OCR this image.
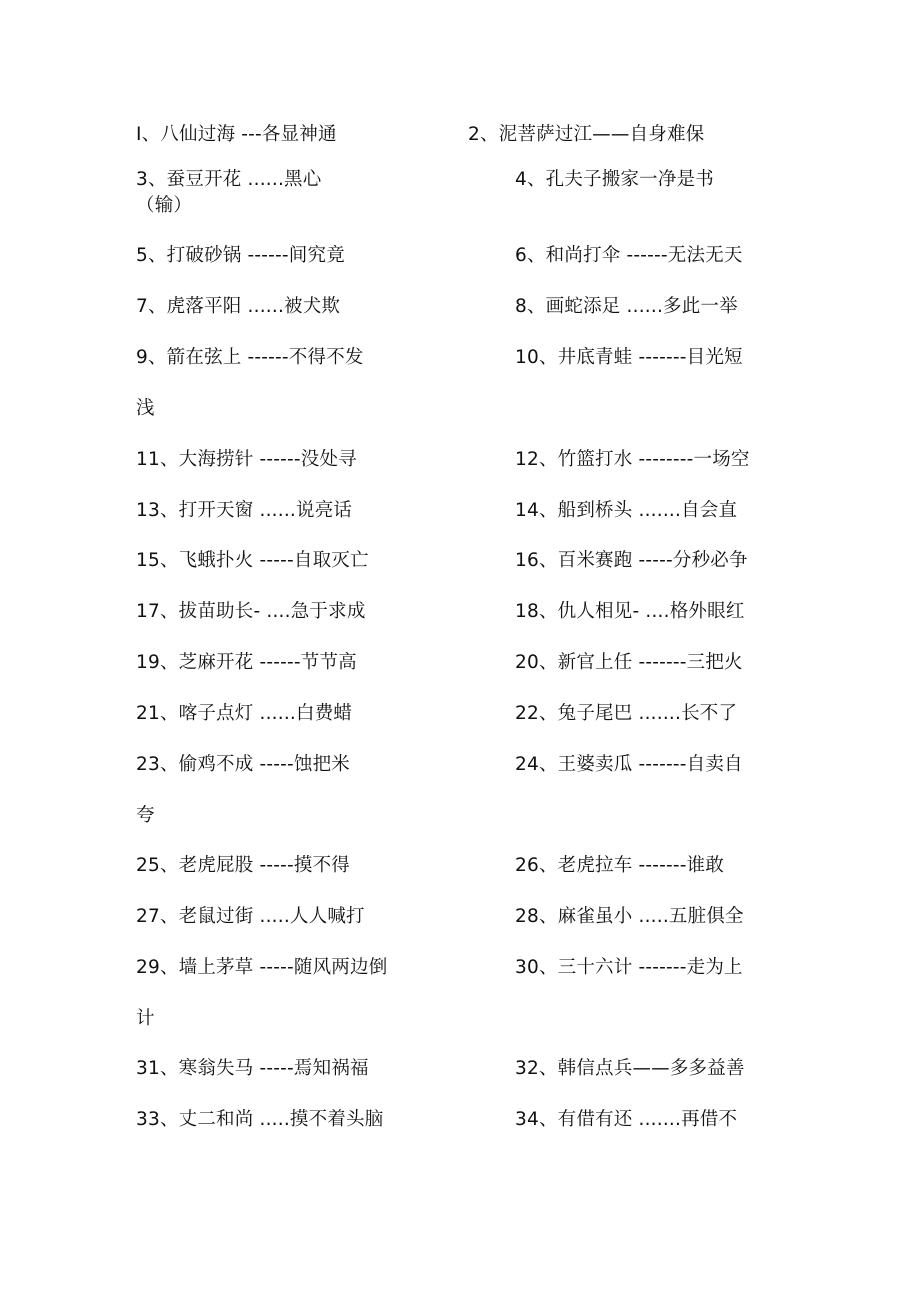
I、八仙过海 ---各显神通	2、泥菩萨过江——自身难保
3、蚕豆开花 ......黑心	4、孔夫子搬家一净是书
（输）
5、打破砂锅 ------间究竟	6、和尚打伞 ------无法无天
7、虎落平阳 ......被犬欺	8、画蛇添足 ......多此一举
9、箭在弦上 ------不得不发	10、井底青蛙 -------目光短
浅
11、大海捞针 ------没处寻	12、竹篮打水 --------一场空
13、打开天窗 ......说亮话	14、船到桥头 .......自会直
15、飞蛾扑火 -----自取灭亡	16、百米赛跑 -----分秒必争
17、拔苗助长- ....急于求成	18、仇人相见- ....格外眼红
19、芝麻开花 ------节节高	20、新官上任 -------三把火
21、喀子点灯 ......白费蜡	22、兔子尾巴 .......长不了
23、偷鸡不成 -----蚀把米	24、王婆卖瓜 -------自卖自
夸
25、老虎屁股 -----摸不得	26、老虎拉车 -------谁敢
27、老鼠过街 .....人人喊打	28、麻雀虽小 .....五脏俱全
29、墙上茅草 -----随风两边倒	30、三十六计 -------走为上
计
31、寒翁失马 -----焉知祸福	32、韩信点兵——多多益善
33、丈二和尚 .....摸不着头脑	34、有借有还 .......再借不
